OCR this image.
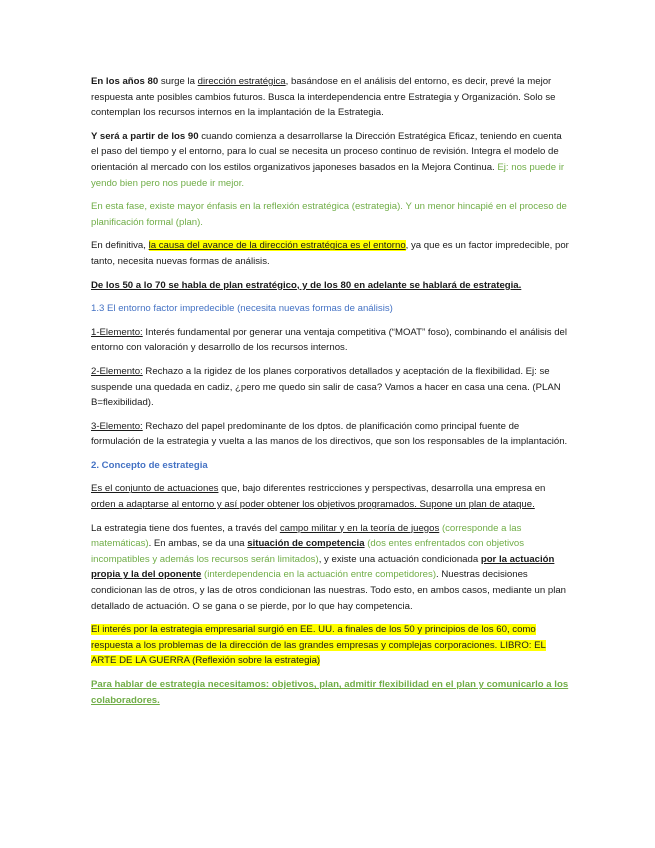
En los años 80 surge la dirección estratégica, basándose en el análisis del entorno, es decir, prevé la mejor respuesta ante posibles cambios futuros. Busca la interdependencia entre Estrategia y Organización. Solo se contemplan los recursos internos en la implantación de la Estrategia.

Y será a partir de los 90 cuando comienza a desarrollarse la Dirección Estratégica Eficaz, teniendo en cuenta el paso del tiempo y el entorno, para lo cual se necesita un proceso continuo de revisión. Integra el modelo de orientación al mercado con los estilos organizativos japoneses basados en la Mejora Continua. Ej: nos puede ir yendo bien pero nos puede ir mejor.

En esta fase, existe mayor énfasis en la reflexión estratégica (estrategia). Y un menor hincapié en el proceso de planificación formal (plan).

En definitiva, la causa del avance de la dirección estratégica es el entorno, ya que es un factor impredecible, por tanto, necesita nuevas formas de análisis.

De los 50 a lo 70 se habla de plan estratégico, y de los 80 en adelante se hablará de estrategia.

1.3 El entorno factor impredecible (necesita nuevas formas de análisis)

1-Elemento: Interés fundamental por generar una ventaja competitiva (“MOAT” foso), combinando el análisis del entorno con valoración y desarrollo de los recursos internos.

2-Elemento: Rechazo a la rigidez de los planes corporativos detallados y aceptación de la flexibilidad. Ej: se suspende una quedada en cadiz, ¿pero me quedo sin salir de casa? Vamos a hacer en casa una cena. (PLAN B=flexibilidad).

3-Elemento: Rechazo del papel predominante de los dptos. de planificación como principal fuente de formulación de la estrategia y vuelta a las manos de los directivos, que son los responsables de la implantación.

2. Concepto de estrategia

Es el conjunto de actuaciones que, bajo diferentes restricciones y perspectivas, desarrolla una empresa en orden a adaptarse al entorno y así poder obtener los objetivos programados. Supone un plan de ataque.

La estrategia tiene dos fuentes, a través del campo militar y en la teoría de juegos (corresponde a las matemáticas). En ambas, se da una situación de competencia (dos entes enfrentados con objetivos incompatibles y además los recursos serán limitados), y existe una actuación condicionada por la actuación propia y la del oponente (interdependencia en la actuación entre competidores). Nuestras decisiones condicionan las de otros, y las de otros condicionan las nuestras. Todo esto, en ambos casos, mediante un plan detallado de actuación. O se gana o se pierde, por lo que hay competencia.

El interés por la estrategia empresarial surgió en EE. UU. a finales de los 50 y principios de los 60, como respuesta a los problemas de la dirección de las grandes empresas y complejas corporaciones. LIBRO: EL ARTE DE LA GUERRA (Reflexión sobre la estrategia)

Para hablar de estrategia necesitamos: objetivos, plan, admitir flexibilidad en el plan y comunicarlo a los colaboradores.
